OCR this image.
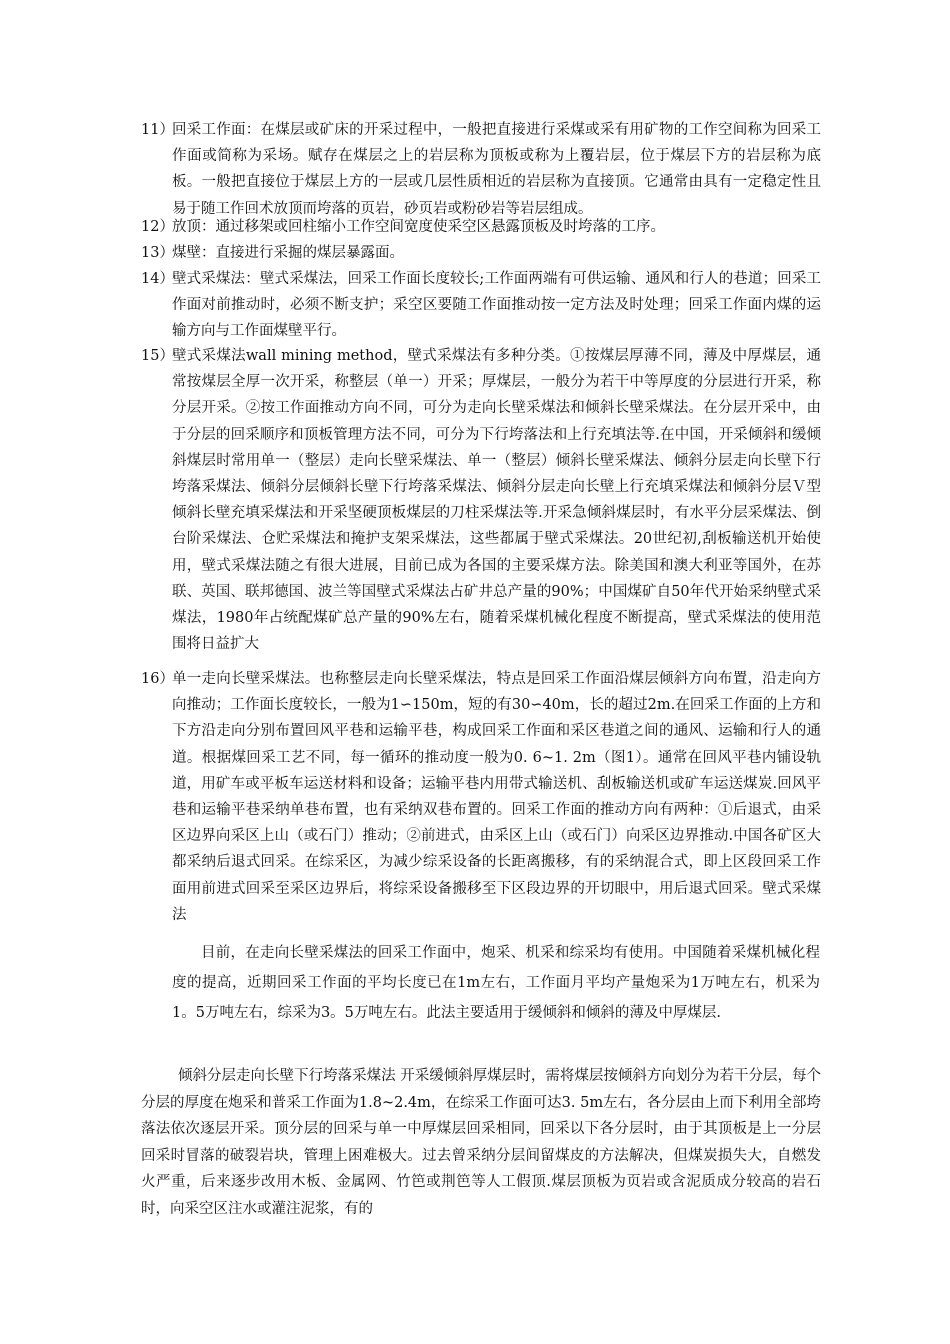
11）
回采工作面：在煤层或矿床的开采过程中，一般把直接进行采煤或采有用矿物的工作空间称为回采工作面或简称为采场。赋存在煤层之上的岩层称为顶板或称为上覆岩层，位于煤层下方的岩层称为底板。一般把直接位于煤层上方的一层或几层性质相近的岩层称为直接顶。它通常由具有一定稳定性且易于随工作回术放顶而垮落的页岩，砂页岩或粉砂岩等岩层组成。
12）
放顶：通过移架或回柱缩小工作空间宽度使采空区悬露顶板及时垮落的工序。
13）
煤壁：直接进行采掘的煤层暴露面。
14）
壁式采煤法：壁式采煤法，回采工作面长度较长;工作面两端有可供运输、通风和行人的巷道；回采工作面对前推动时，必须不断支护；采空区要随工作面推动按一定方法及时处理；回采工作面内煤的运输方向与工作面煤壁平行。
15）
壁式采煤法wall mining method，壁式采煤法有多种分类。①按煤层厚薄不同，薄及中厚煤层，通常按煤层全厚一次开采，称整层（单一）开采；厚煤层，一般分为若干中等厚度的分层进行开采，称分层开采。②按工作面推动方向不同，可分为走向长壁采煤法和倾斜长壁采煤法。在分层开采中，由于分层的回采顺序和顶板管理方法不同，可分为下行垮落法和上行充填法等.在中国，开采倾斜和缓倾斜煤层时常用单一（整层）走向长壁采煤法、单一（整层）倾斜长壁采煤法、倾斜分层走向长壁下行垮落采煤法、倾斜分层倾斜长壁下行垮落采煤法、倾斜分层走向长壁上行充填采煤法和倾斜分层Ｖ型倾斜长壁充填采煤法和开采坚硬顶板煤层的刀柱采煤法等.开采急倾斜煤层时，有水平分层采煤法、倒台阶采煤法、仓贮采煤法和掩护支架采煤法，这些都属于壁式采煤法。20世纪初,刮板输送机开始使用，壁式采煤法随之有很大进展，目前已成为各国的主要采煤方法。除美国和澳大利亚等国外，在苏联、英国、联邦德国、波兰等国壁式采煤法占矿井总产量的90%；中国煤矿自50年代开始采纳壁式采煤法，1980年占统配煤矿总产量的90%左右，随着采煤机械化程度不断提高，壁式采煤法的使用范围将日益扩大
16）
单一走向长壁采煤法。也称整层走向长壁采煤法，特点是回采工作面沿煤层倾斜方向布置，沿走向方向推动；工作面长度较长，一般为1∽150m，短的有30∽40m，长的超过2m.在回采工作面的上方和下方沿走向分别布置回风平巷和运输平巷，构成回采工作面和采区巷道之间的通风、运输和行人的通道。根据煤回采工艺不同，每一循环的推动度一般为0. 6~1. 2m（图1）。通常在回风平巷内铺设轨道，用矿车或平板车运送材料和设备；运输平巷内用带式输送机、刮板输送机或矿车运送煤炭.回风平巷和运输平巷采纳单巷布置，也有采纳双巷布置的。回采工作面的推动方向有两种：①后退式，由采区边界向采区上山（或石门）推动；②前进式，由采区上山（或石门）向采区边界推动.中国各矿区大都采纳后退式回采。在综采区，为减少综采设备的长距离搬移，有的采纳混合式，即上区段回采工作面用前进式回采至采区边界后，将综采设备搬移至下区段边界的开切眼中，用后退式回采。壁式采煤法
目前，在走向长壁采煤法的回采工作面中，炮采、机采和综采均有使用。中国随着采煤机械化程度的提高，近期回采工作面的平均长度已在1m左右，工作面月平均产量炮采为1万吨左右，机采为1。5万吨左右，综采为3。5万吨左右。此法主要适用于缓倾斜和倾斜的薄及中厚煤层.
倾斜分层走向长壁下行垮落采煤法 开采缓倾斜厚煤层时，需将煤层按倾斜方向划分为若干分层，每个分层的厚度在炮采和普采工作面为1.8~2.4m，在综采工作面可达3. 5m左右，各分层由上而下利用全部垮落法依次逐层开采。顶分层的回采与单一中厚煤层回采相同，回采以下各分层时，由于其顶板是上一分层回采时冒落的破裂岩块，管理上困难极大。过去曾采纳分层间留煤皮的方法解决，但煤炭损失大，自燃发火严重，后来逐步改用木板、金属网、竹笆或荆笆等人工假顶.煤层顶板为页岩或含泥质成分较高的岩石时，向采空区注水或灌注泥浆，有的
